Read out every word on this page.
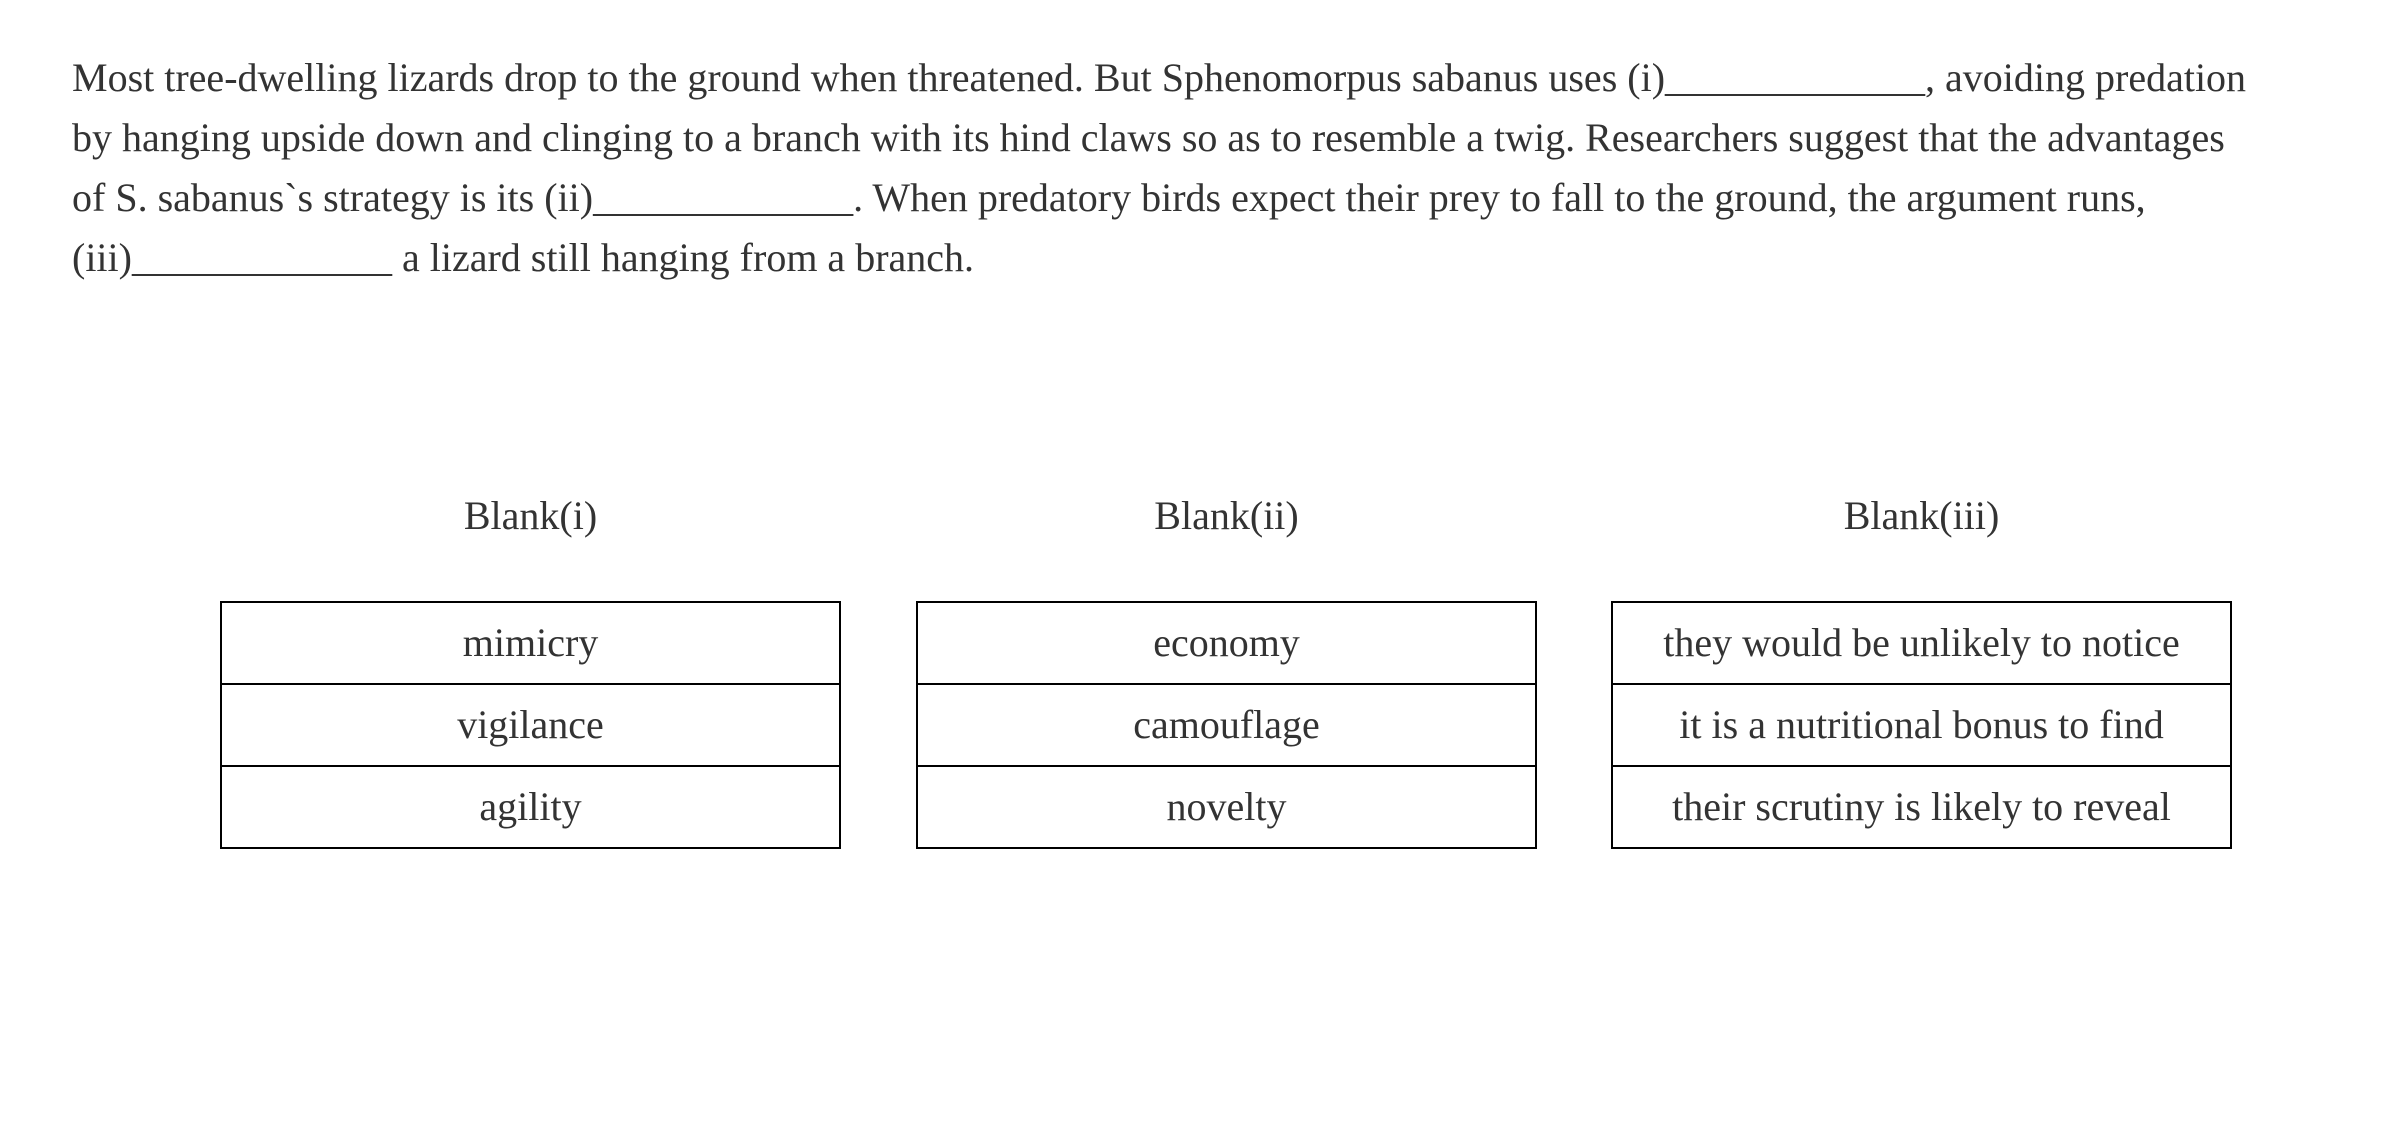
Most tree-dwelling lizards drop to the ground when threatened. But Sphenomorpus sabanus uses (i)_____________, avoiding predation
by hanging upside down and clinging to a branch with its hind claws so as to resemble a twig. Researchers suggest that the advantages
of S. sabanus`s strategy is its (ii)_____________. When predatory birds expect their prey to fall to the ground, the argument runs,
(iii)_____________ a lizard still hanging from a branch.
Blank(i)	Blank(ii)	Blank(iii)
mimicry
vigilance
agility
economy
camouflage
novelty
they would be unlikely to notice
it is a nutritional bonus to find
their scrutiny is likely to reveal
